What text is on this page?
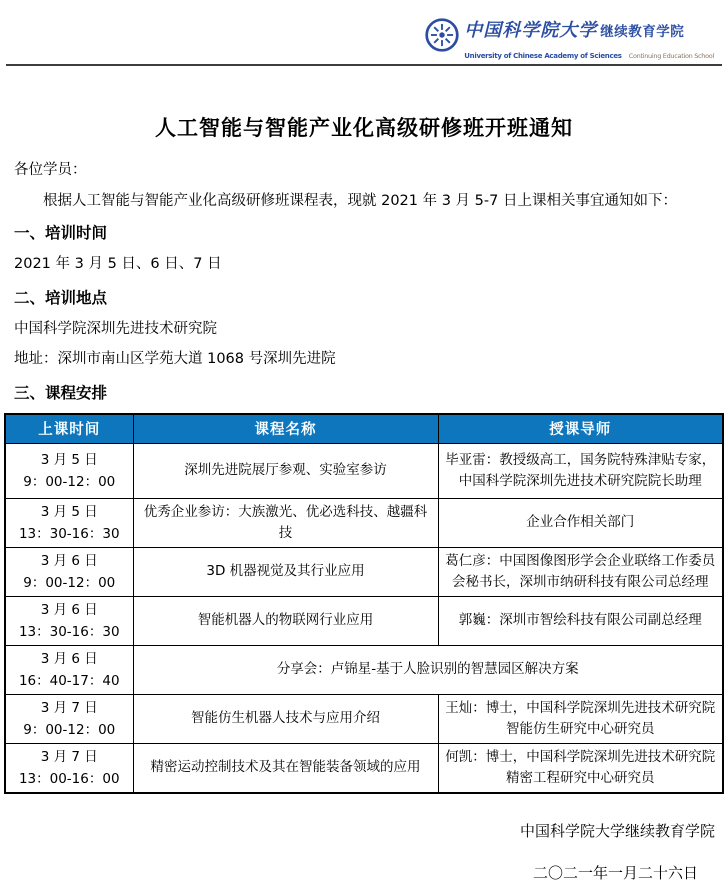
中国科学院大学 继续教育学院
University of Chinese Academy of Sciences Continuing Education School
人工智能与智能产业化高级研修班开班通知

各位学员：

根据人工智能与智能产业化高级研修班课程表，现就 2021 年 3 月 5-7 日上课相关事宜通知如下：

一、培训时间

2021 年 3 月 5 日、6 日、7 日

二、培训地点

中国科学院深圳先进技术研究院

地址：深圳市南山区学苑大道 1068 号深圳先进院

三、课程安排
上课时间	课程名称	授课导师

3 月 5 日
9：00-12：00	深圳先进院展厅参观、实验室参访	毕亚雷：教授级高工，国务院特殊津贴专家，中国科学院深圳先进技术研究院院长助理

3 月 5 日
13：30-16：30	优秀企业参访：大族激光、优必选科技、越疆科技	企业合作相关部门

3 月 6 日
9：00-12：00	3D 机器视觉及其行业应用	葛仁彦：中国图像图形学会企业联络工作委员会秘书长，深圳市纳研科技有限公司总经理

3 月 6 日
13：30-16：30	智能机器人的物联网行业应用	郭巍：深圳市智绘科技有限公司副总经理

3 月 6 日
16：40-17：40	分享会：卢锦星-基于人脸识别的智慧园区解决方案	

3 月 7 日
9：00-12：00	智能仿生机器人技术与应用介绍	王灿：博士，中国科学院深圳先进技术研究院智能仿生研究中心研究员

3 月 7 日
13：00-16：00	精密运动控制技术及其在智能装备领域的应用	何凯：博士，中国科学院深圳先进技术研究院精密工程研究中心研究员

中国科学院大学继续教育学院

二〇二一年一月二十六日
